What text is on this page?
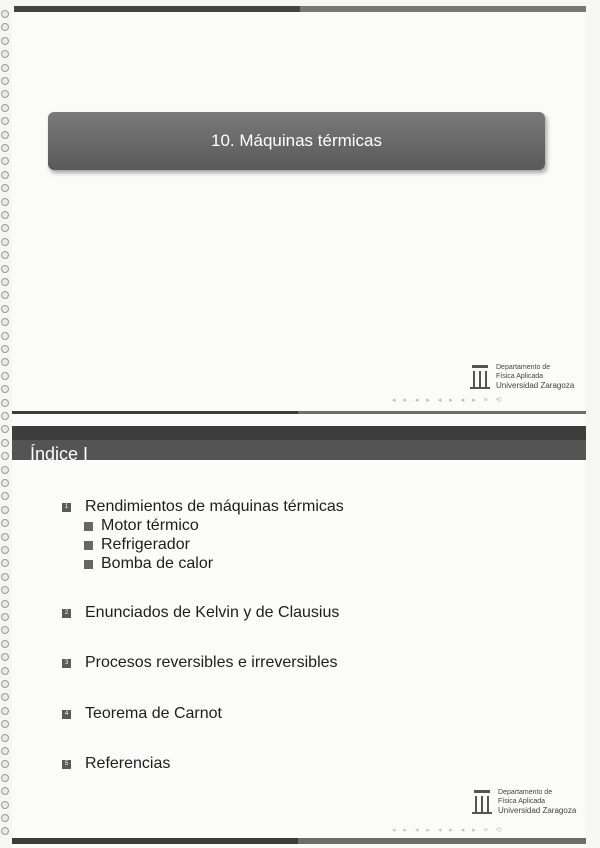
10. Máquinas térmicas
Departamento de
Física Aplicada
Universidad Zaragoza
◂ ▸ ◂ ▸ ◂ ▸ ◂ ▸ ≡ ⟲
Índice I
1 Rendimientos de máquinas térmicas
Motor térmico
Refrigerador
Bomba de calor
2 Enunciados de Kelvin y de Clausius
3 Procesos reversibles e irreversibles
4 Teorema de Carnot
5 Referencias
Departamento de
Física Aplicada
Universidad Zaragoza
◂ ▸ ◂ ▸ ◂ ▸ ◂ ▸ ≡ ⟲
